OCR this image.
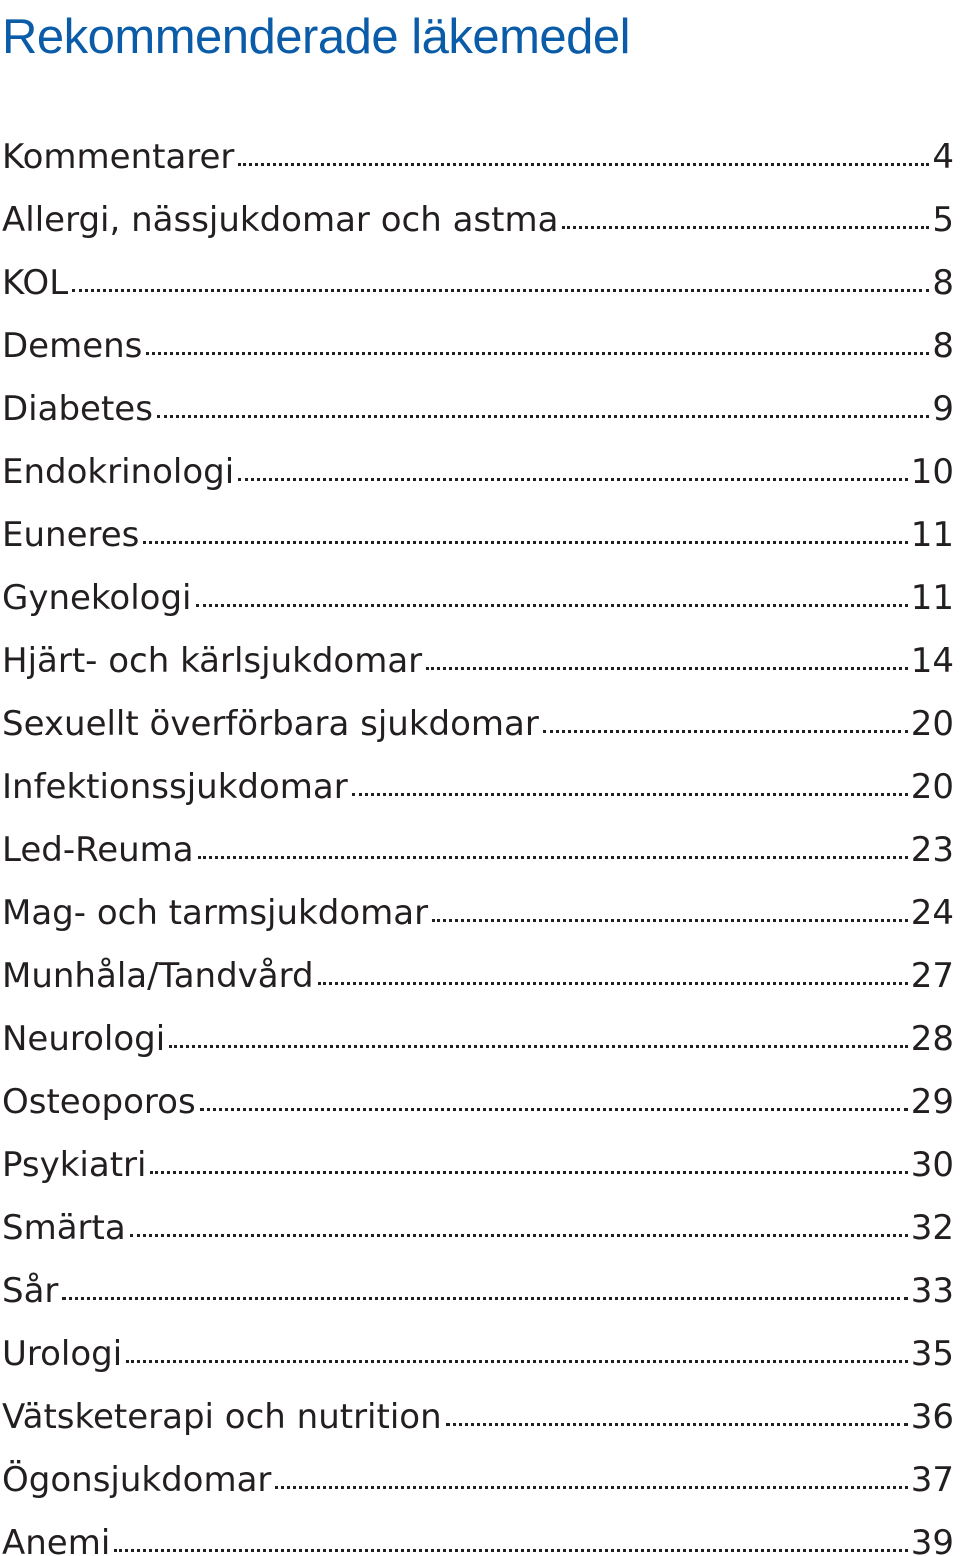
Rekommenderade läkemedel
Kommentarer	4
Allergi, nässjukdomar och astma	5
KOL	8
Demens	8
Diabetes	9
Endokrinologi	10
Euneres	11
Gynekologi	11
Hjärt- och kärlsjukdomar	14
Sexuellt överförbara sjukdomar	20
Infektionssjukdomar	20
Led-Reuma	23
Mag- och tarmsjukdomar	24
Munhåla/Tandvård	27
Neurologi	28
Osteoporos	29
Psykiatri	30
Smärta	32
Sår	33
Urologi	35
Vätsketerapi och nutrition	36
Ögonsjukdomar	37
Anemi	39
